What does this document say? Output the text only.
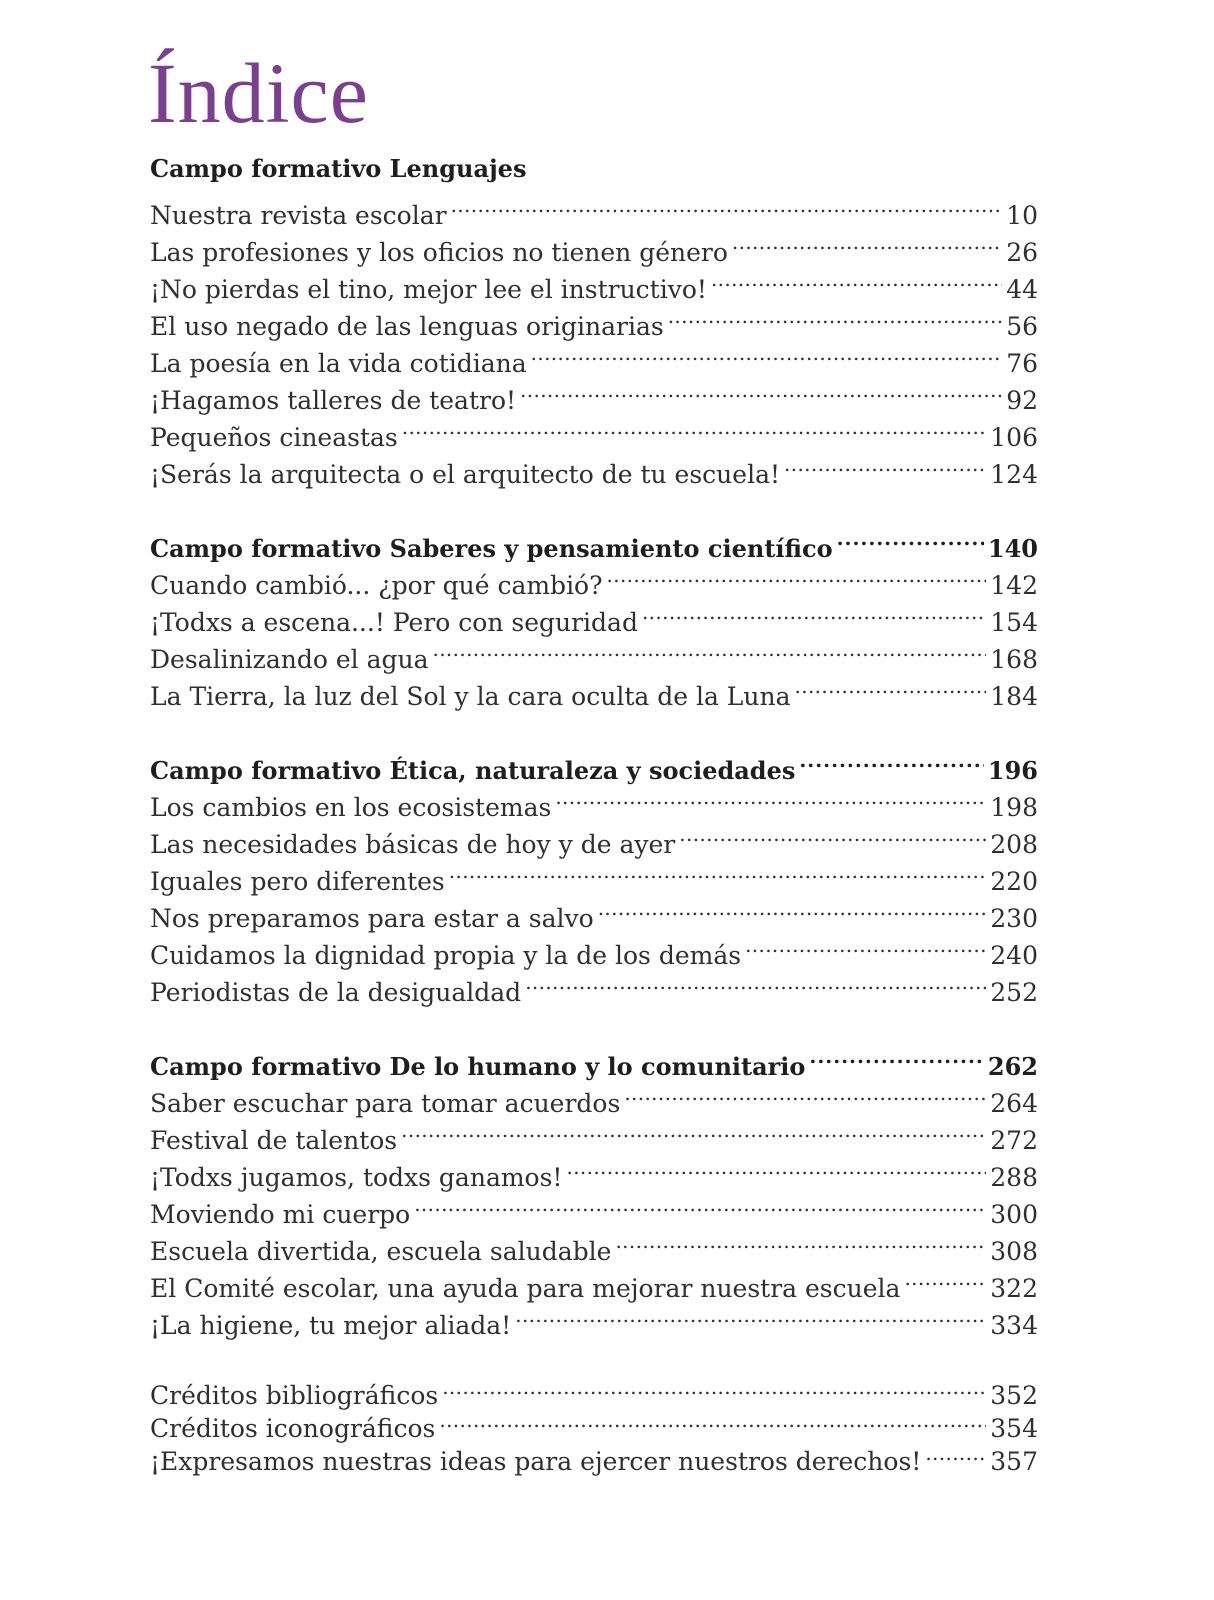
Índice
Campo formativo Lenguajes
Nuestra revista escolar . . .	10
Las profesiones y los oficios no tienen género . . .	26
¡No pierdas el tino, mejor lee el instructivo! . . .	44
El uso negado de las lenguas originarias . . .	56
La poesía en la vida cotidiana . . .	76
¡Hagamos talleres de teatro! . . .	92
Pequeños cineastas . . .	106
¡Serás la arquitecta o el arquitecto de tu escuela! . . .	124
Campo formativo Saberes y pensamiento científico . . .	140
Cuando cambió... ¿por qué cambió? . . .	142
¡Todxs a escena...! Pero con seguridad . . .	154
Desalinizando el agua . . .	168
La Tierra, la luz del Sol y la cara oculta de la Luna . . .	184
Campo formativo Ética, naturaleza y sociedades . . .	196
Los cambios en los ecosistemas . . .	198
Las necesidades básicas de hoy y de ayer . . .	208
Iguales pero diferentes . . .	220
Nos preparamos para estar a salvo . . .	230
Cuidamos la dignidad propia y la de los demás . . .	240
Periodistas de la desigualdad . . .	252
Campo formativo De lo humano y lo comunitario . . .	262
Saber escuchar para tomar acuerdos . . .	264
Festival de talentos . . .	272
¡Todxs jugamos, todxs ganamos! . . .	288
Moviendo mi cuerpo . . .	300
Escuela divertida, escuela saludable . . .	308
El Comité escolar, una ayuda para mejorar nuestra escuela . . .	322
¡La higiene, tu mejor aliada! . . .	334
Créditos bibliográficos . . .	352
Créditos iconográficos . . .	354
¡Expresamos nuestras ideas para ejercer nuestros derechos! . . .	357
